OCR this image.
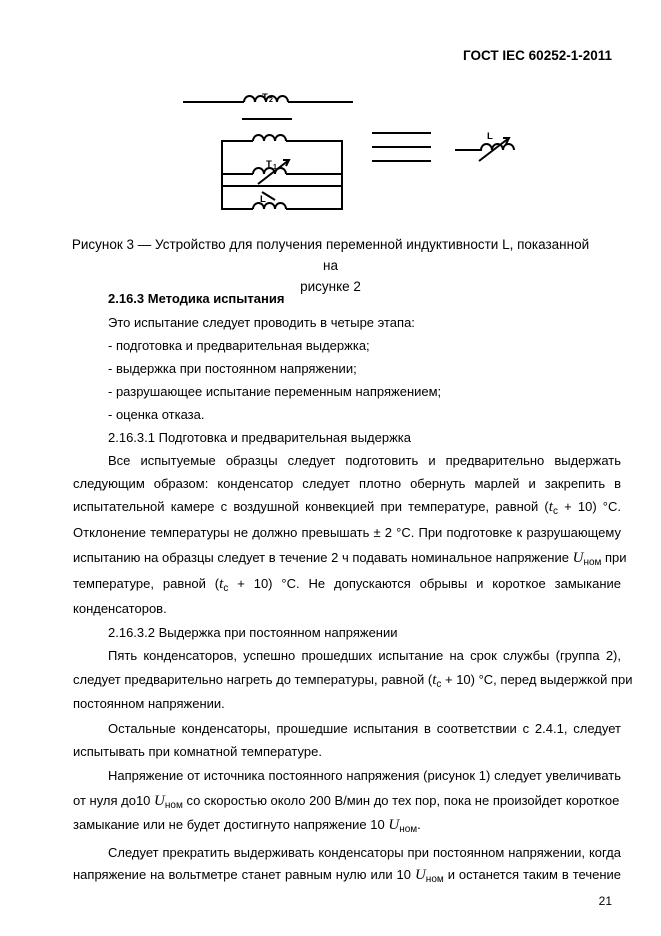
ГОСТ IEC 60252-1-2011
T 2
T 1
L
L
Рисунок 3 — Устройство для получения переменной индуктивности L, показанной на
рисунке 2
2.16.3 Методика испытания
Это испытание следует проводить в четыре этапа:
- подготовка и предварительная выдержка;
- выдержка при постоянном напряжении;
- разрушающее испытание переменным напряжением;
- оценка отказа.
2.16.3.1 Подготовка и предварительная выдержка
Все испытуемые образцы следует подготовить и предварительно выдержать
следующим образом: конденсатор следует плотно обернуть марлей и закрепить в
испытательной камере с воздушной конвекцией при температуре, равной $(t_c + 10)$ °C.
Отклонение температуры не должно превышать ± 2 °C. При подготовке к разрушающему
испытанию на образцы следует в течение 2 ч подавать номинальное напряжение $U_{ном}$ при
температуре, равной $(t_c + 10)$ °C. Не допускаются обрывы и короткое замыкание
конденсаторов.
2.16.3.2 Выдержка при постоянном напряжении
Пять конденсаторов, успешно прошедших испытание на срок службы (группа 2),
следует предварительно нагреть до температуры, равной $(t_c + 10)$ °C, перед выдержкой при
постоянном напряжении.
Остальные конденсаторы, прошедшие испытания в соответствии с 2.4.1, следует
испытывать при комнатной температуре.
Напряжение от источника постоянного напряжения (рисунок 1) следует увеличивать
от нуля до10 $U_{ном}$ со скоростью около 200 В/мин до тех пор, пока не произойдет короткое
замыкание или не будет достигнуто напряжение 10 $U_{ном}$.
Следует прекратить выдерживать конденсаторы при постоянном напряжении, когда
напряжение на вольтметре станет равным нулю или 10 $U_{ном}$ и останется таким в течение
21
